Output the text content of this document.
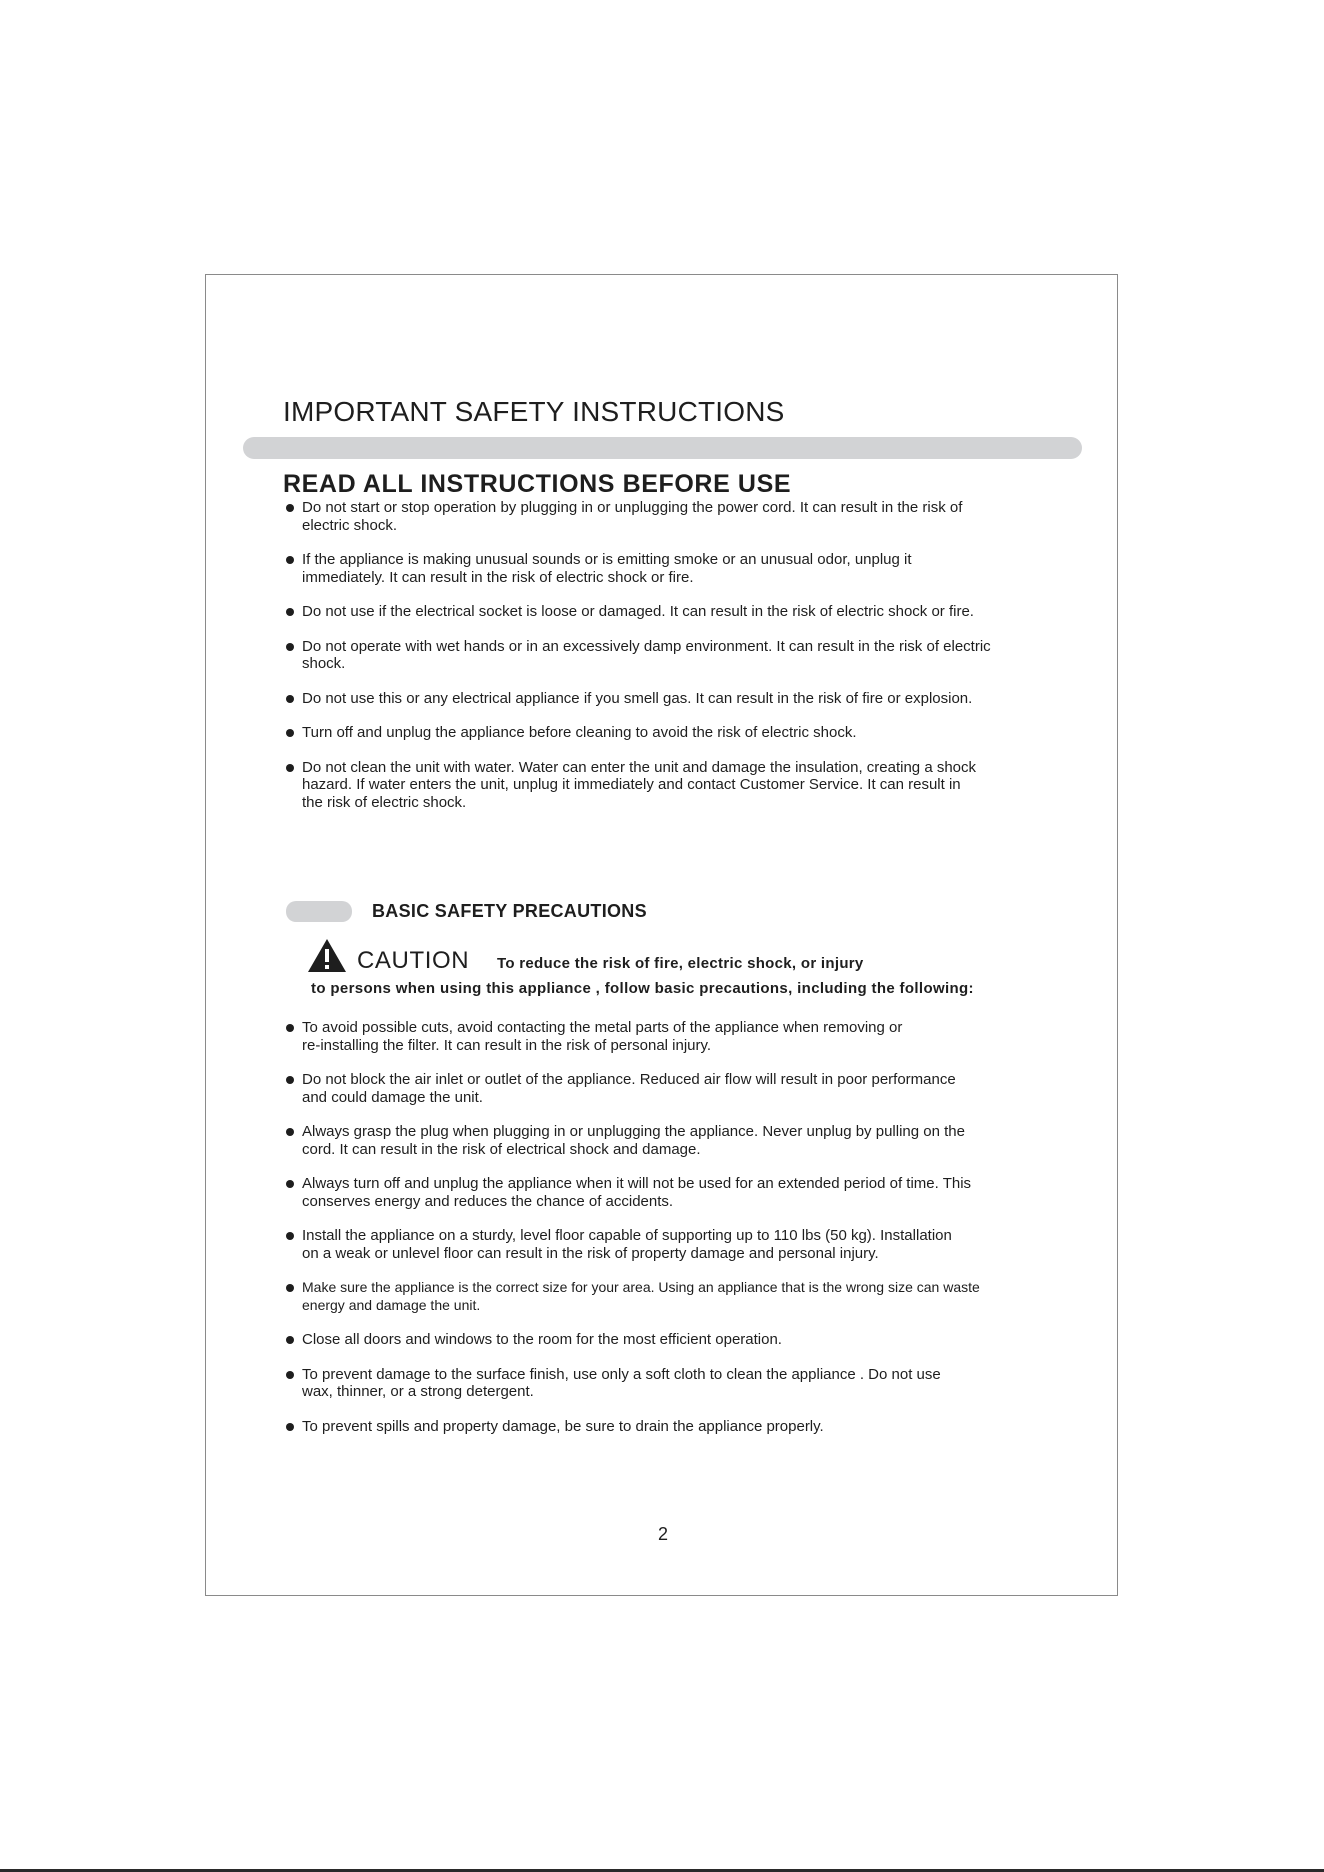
IMPORTANT SAFETY INSTRUCTIONS
READ ALL INSTRUCTIONS BEFORE USE
Do not start or stop operation by plugging in or unplugging the power cord. It can result in the risk of
electric shock.
If the appliance is making unusual sounds or is emitting smoke or an unusual odor, unplug it
immediately. It can result in the risk of electric shock or fire.
Do not use if the electrical socket is loose or damaged. It can result in the risk of electric shock or fire.
Do not operate with wet hands or in an excessively damp environment. It can result in the risk of electric
shock.
Do not use this or any electrical appliance if you smell gas. It can result in the risk of fire or explosion.
Turn off and unplug the appliance before cleaning to avoid the risk of electric shock.
Do not clean the unit with water. Water can enter the unit and damage the insulation, creating a shock
hazard. If water enters the unit, unplug it immediately and contact Customer Service. It can result in
the risk of electric shock.
BASIC SAFETY PRECAUTIONS
CAUTION To reduce the risk of fire, electric shock, or injury
to persons when using this appliance , follow basic precautions, including the following:
To avoid possible cuts, avoid contacting the metal parts of the appliance when removing or
re-installing the filter. It can result in the risk of personal injury.
Do not block the air inlet or outlet of the appliance. Reduced air flow will result in poor performance
and could damage the unit.
Always grasp the plug when plugging in or unplugging the appliance. Never unplug by pulling on the
cord. It can result in the risk of electrical shock and damage.
Always turn off and unplug the appliance when it will not be used for an extended period of time. This
conserves energy and reduces the chance of accidents.
Install the appliance on a sturdy, level floor capable of supporting up to 110 lbs (50 kg). Installation
on a weak or unlevel floor can result in the risk of property damage and personal injury.
Make sure the appliance is the correct size for your area. Using an appliance that is the wrong size can waste
energy and damage the unit.
Close all doors and windows to the room for the most efficient operation.
To prevent damage to the surface finish, use only a soft cloth to clean the appliance . Do not use
wax, thinner, or a strong detergent.
To prevent spills and property damage, be sure to drain the appliance properly.
2
